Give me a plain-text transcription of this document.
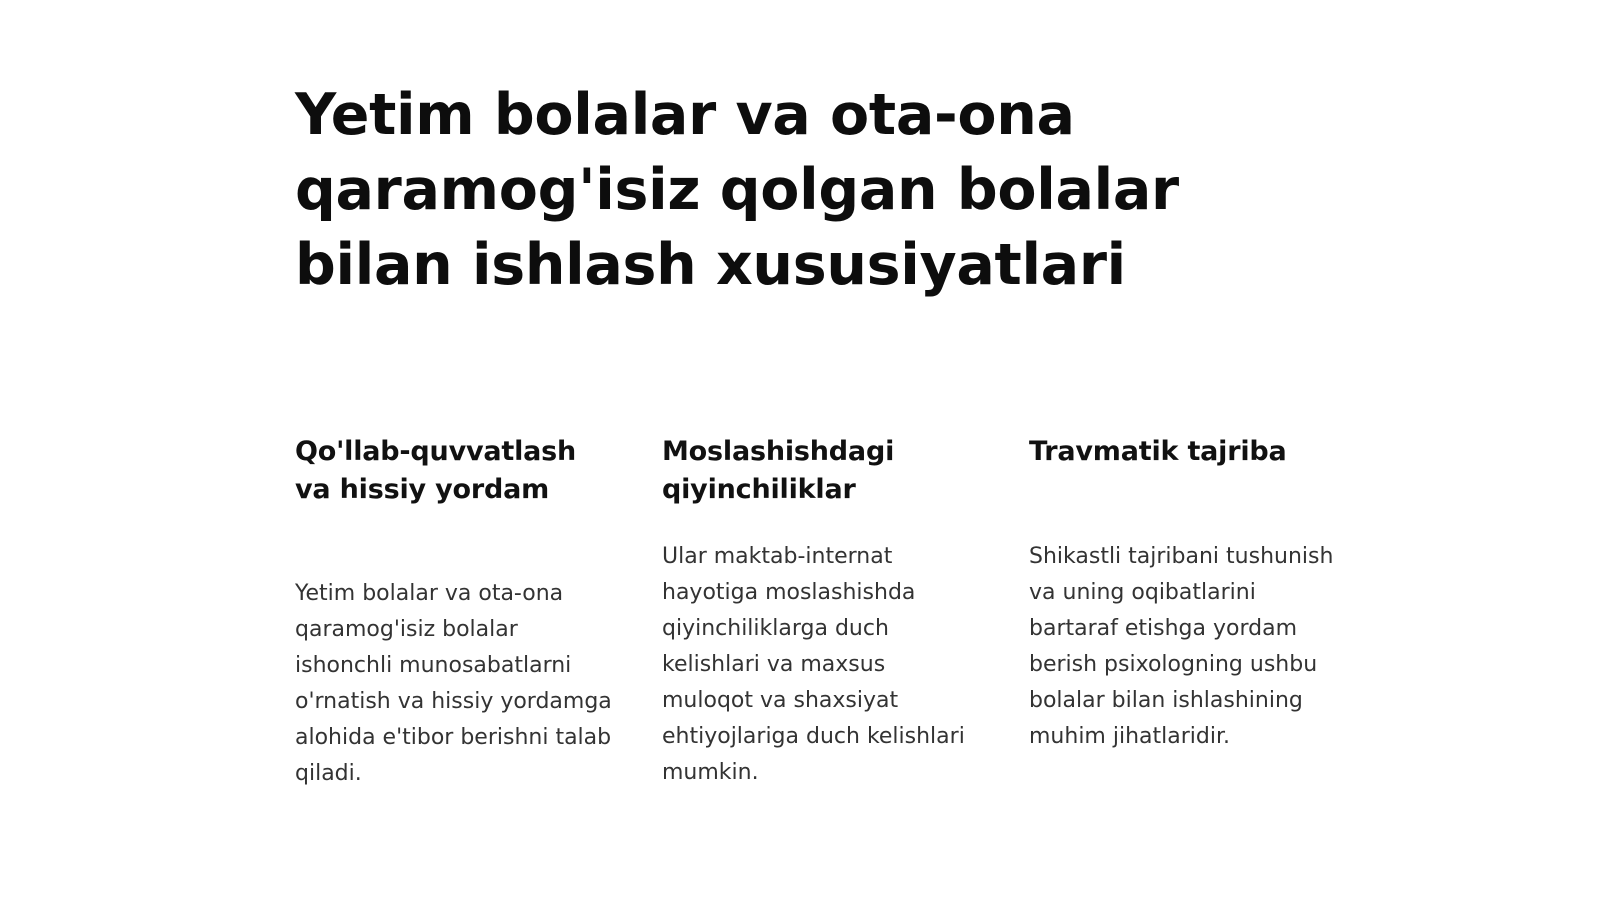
Yetim bolalar va ota-ona qaramog'isiz qolgan bolalar bilan ishlash xususiyatlari
Qo'llab-quvvatlash va hissiy yordam

Yetim bolalar va ota-ona qaramog'isiz bolalar ishonchli munosabatlarni o'rnatish va hissiy yordamga alohida e'tibor berishni talab qiladi.

Moslashishdagi qiyinchiliklar

Ular maktab-internat hayotiga moslashishda qiyinchiliklarga duch kelishlari va maxsus muloqot va shaxsiyat ehtiyojlariga duch kelishlari mumkin.

Travmatik tajriba

Shikastli tajribani tushunish va uning oqibatlarini bartaraf etishga yordam berish psixologning ushbu bolalar bilan ishlashining muhim jihatlaridir.
